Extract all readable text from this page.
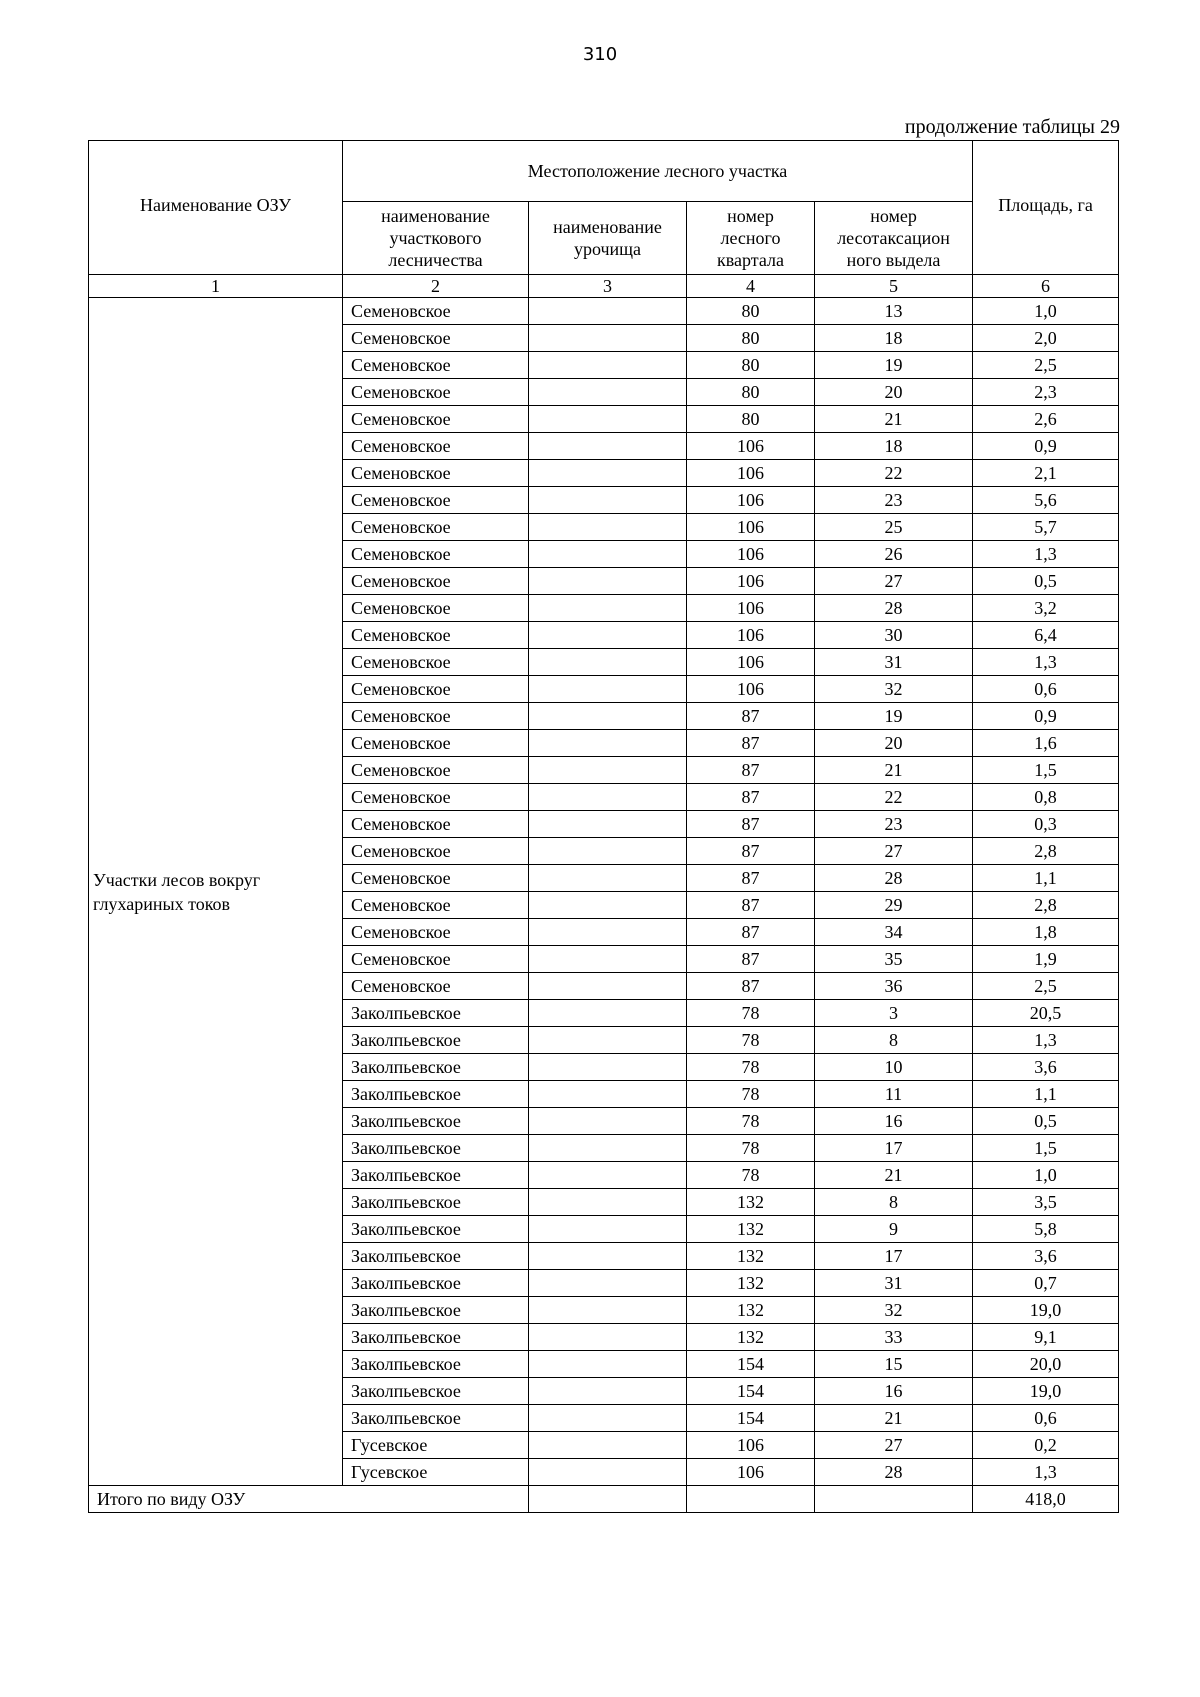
310
продолжение таблицы 29
Наименование ОЗУ	Местоположение лесного участка				Площадь, га
	наименование участкового лесничества	наименование урочища	номер лесного квартала	номер лесотаксацион ного выдела	
1	2	3	4	5	6
Участки лесов вокруг глухариных токов	Семеновское		80	13	1,0
	Семеновское		80	18	2,0
	Семеновское		80	19	2,5
	Семеновское		80	20	2,3
	Семеновское		80	21	2,6
	Семеновское		106	18	0,9
	Семеновское		106	22	2,1
	Семеновское		106	23	5,6
	Семеновское		106	25	5,7
	Семеновское		106	26	1,3
	Семеновское		106	27	0,5
	Семеновское		106	28	3,2
	Семеновское		106	30	6,4
	Семеновское		106	31	1,3
	Семеновское		106	32	0,6
	Семеновское		87	19	0,9
	Семеновское		87	20	1,6
	Семеновское		87	21	1,5
	Семеновское		87	22	0,8
	Семеновское		87	23	0,3
	Семеновское		87	27	2,8
	Семеновское		87	28	1,1
	Семеновское		87	29	2,8
	Семеновское		87	34	1,8
	Семеновское		87	35	1,9
	Семеновское		87	36	2,5
	Заколпьевское		78	3	20,5
	Заколпьевское		78	8	1,3
	Заколпьевское		78	10	3,6
	Заколпьевское		78	11	1,1
	Заколпьевское		78	16	0,5
	Заколпьевское		78	17	1,5
	Заколпьевское		78	21	1,0
	Заколпьевское		132	8	3,5
	Заколпьевское		132	9	5,8
	Заколпьевское		132	17	3,6
	Заколпьевское		132	31	0,7
	Заколпьевское		132	32	19,0
	Заколпьевское		132	33	9,1
	Заколпьевское		154	15	20,0
	Заколпьевское		154	16	19,0
	Заколпьевское		154	21	0,6
	Гусевское		106	27	0,2
	Гусевское		106	28	1,3
Итого по виду ОЗУ					418,0
